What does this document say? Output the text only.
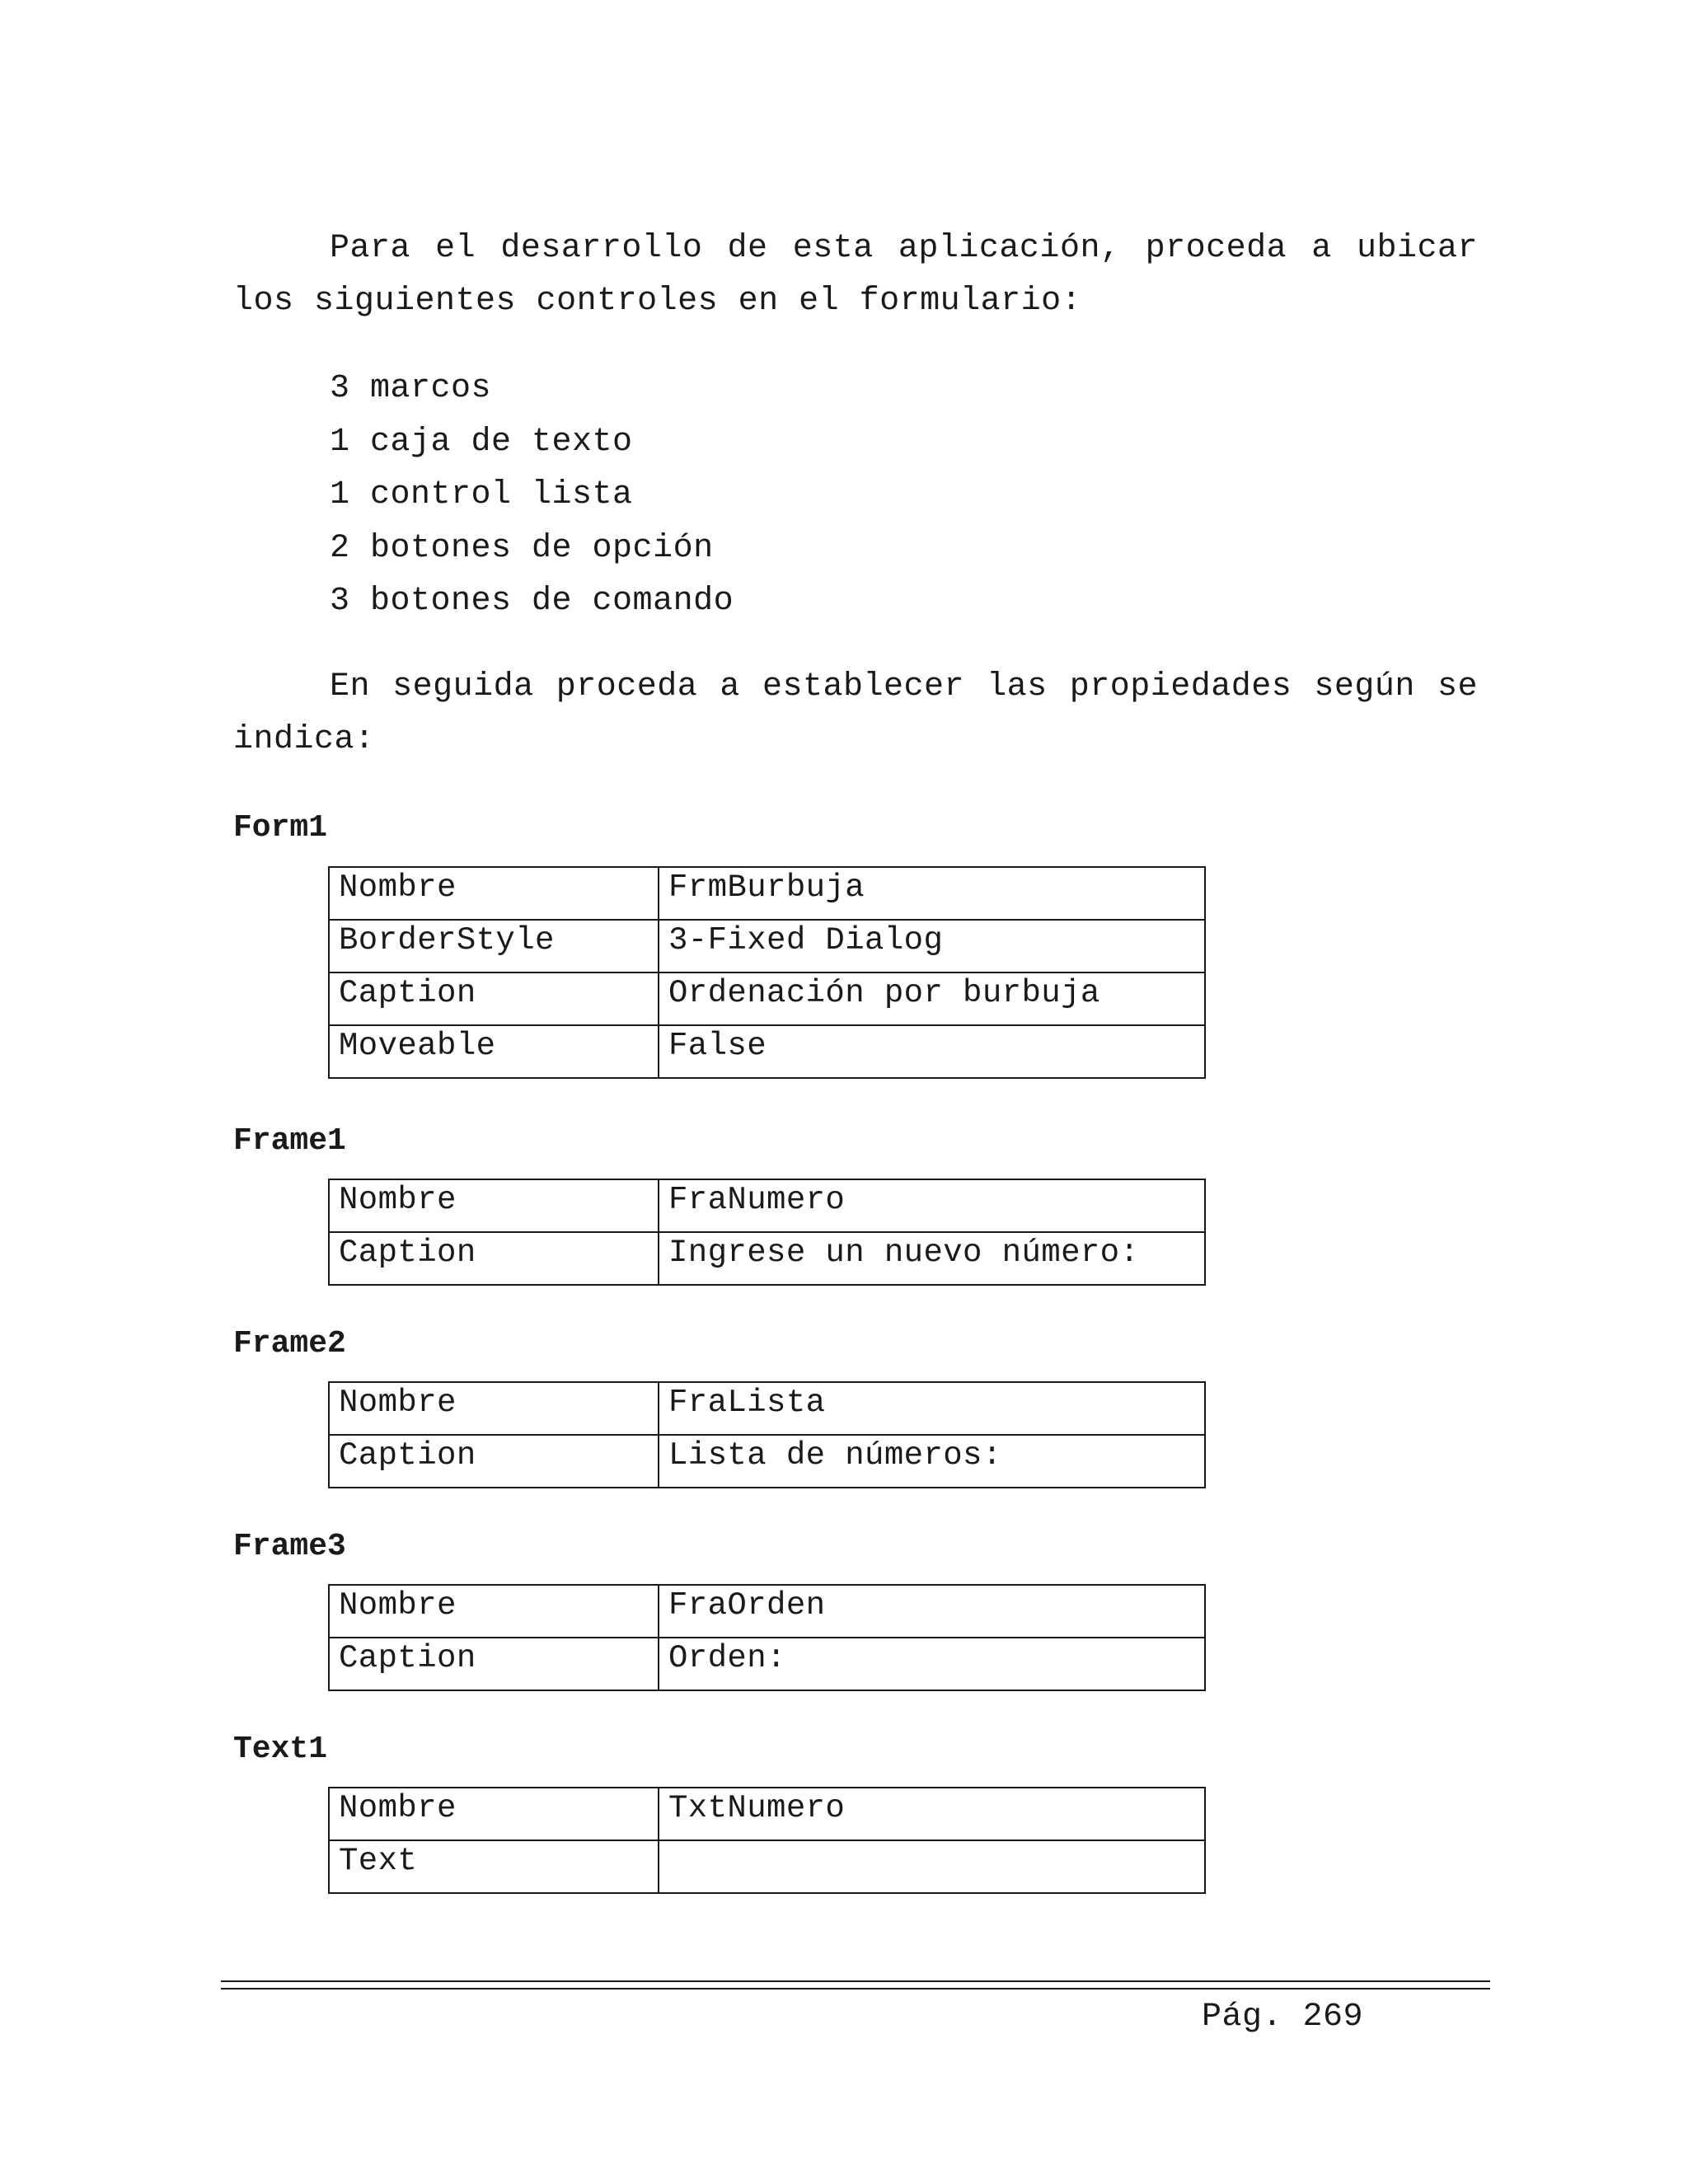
Para el desarrollo de esta aplicación, proceda a ubicar los siguientes controles en el formulario:

3 marcos
1 caja de texto
1 control lista
2 botones de opción
3 botones de comando

En seguida proceda a establecer las propiedades según se indica:

Form1
Nombre	FrmBurbuja
BorderStyle	3-Fixed Dialog
Caption	Ordenación por burbuja
Moveable	False
Frame1
Nombre	FraNumero
Caption	Ingrese un nuevo número:
Frame2
Nombre	FraLista
Caption	Lista de números:
Frame3
Nombre	FraOrden
Caption	Orden:
Text1
Nombre	TxtNumero
Text	
Pág. 269
